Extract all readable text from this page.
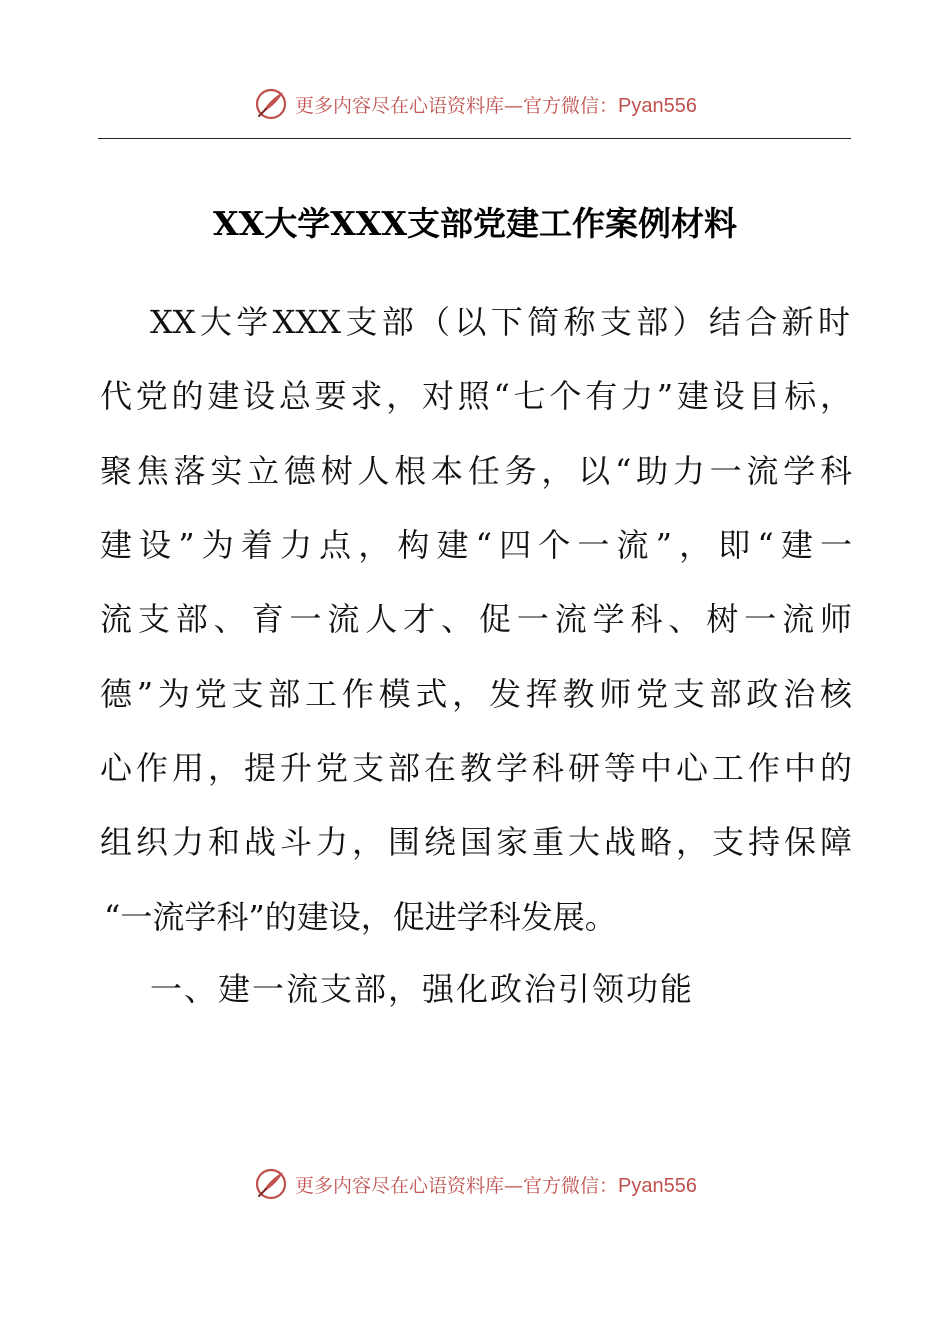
更多内容尽在心语资料库—官方微信：Pyan556
XX大学XXX支部党建工作案例材料

XX大学XXX支部（以下简称支部）结合新时

代党的建设总要求，对照“七个有力”建设目标，

聚焦落实立德树人根本任务，以“助力一流学科

建设”为着力点，构建“四个一流”，即“建一

流支部、育一流人才、促一流学科、树一流师

德”为党支部工作模式，发挥教师党支部政治核

心作用，提升党支部在教学科研等中心工作中的

组织力和战斗力，围绕国家重大战略，支持保障

“一流学科”的建设，促进学科发展。

一、建一流支部，强化政治引领功能

更多内容尽在心语资料库—官方微信：Pyan556
